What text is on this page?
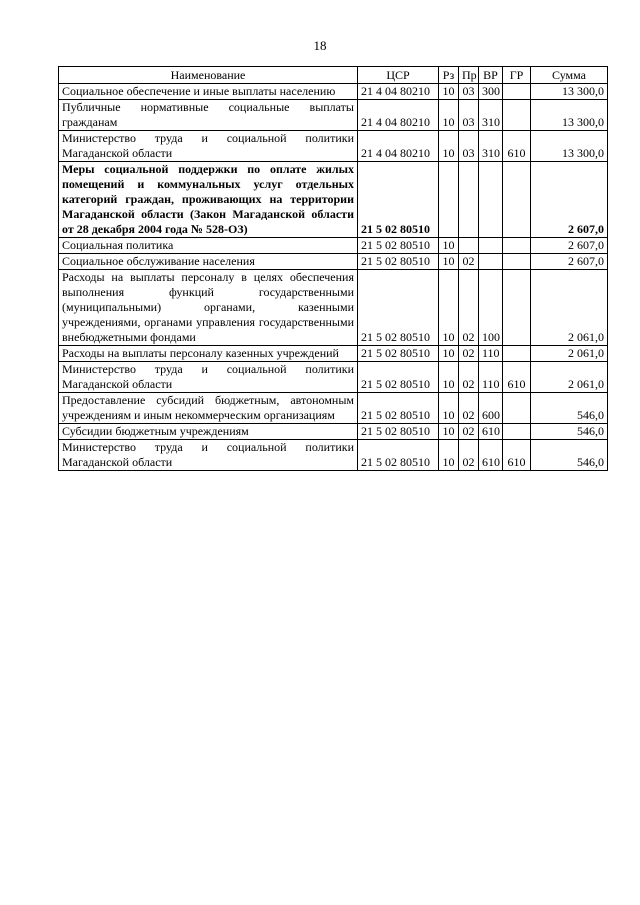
18
Наименование	ЦСР	Рз	Пр	ВР	ГР	Сумма
Социальное обеспечение и иные выплаты населению	21 4 04 80210	10	03	300		13 300,0
Публичные нормативные социальные выплаты гражданам	21 4 04 80210	10	03	310		13 300,0
Министерство труда и социальной политики Магаданской области	21 4 04 80210	10	03	310	610	13 300,0
Меры социальной поддержки по оплате жилых помещений и коммунальных услуг отдельных категорий граждан, проживающих на территории Магаданской области (Закон Магаданской области от 28 декабря 2004 года № 528-ОЗ)	21 5 02 80510					2 607,0
Социальная политика	21 5 02 80510	10				2 607,0
Социальное обслуживание населения	21 5 02 80510	10	02			2 607,0
Расходы на выплаты персоналу в целях обеспечения выполнения функций государственными (муниципальными) органами, казенными учреждениями, органами управления государственными внебюджетными фондами	21 5 02 80510	10	02	100		2 061,0
Расходы на выплаты персоналу казенных учреждений	21 5 02 80510	10	02	110		2 061,0
Министерство труда и социальной политики Магаданской области	21 5 02 80510	10	02	110	610	2 061,0
Предоставление субсидий бюджетным, автономным учреждениям и иным некоммерческим организациям	21 5 02 80510	10	02	600		546,0
Субсидии бюджетным учреждениям	21 5 02 80510	10	02	610		546,0
Министерство труда и социальной политики Магаданской области	21 5 02 80510	10	02	610	610	546,0
